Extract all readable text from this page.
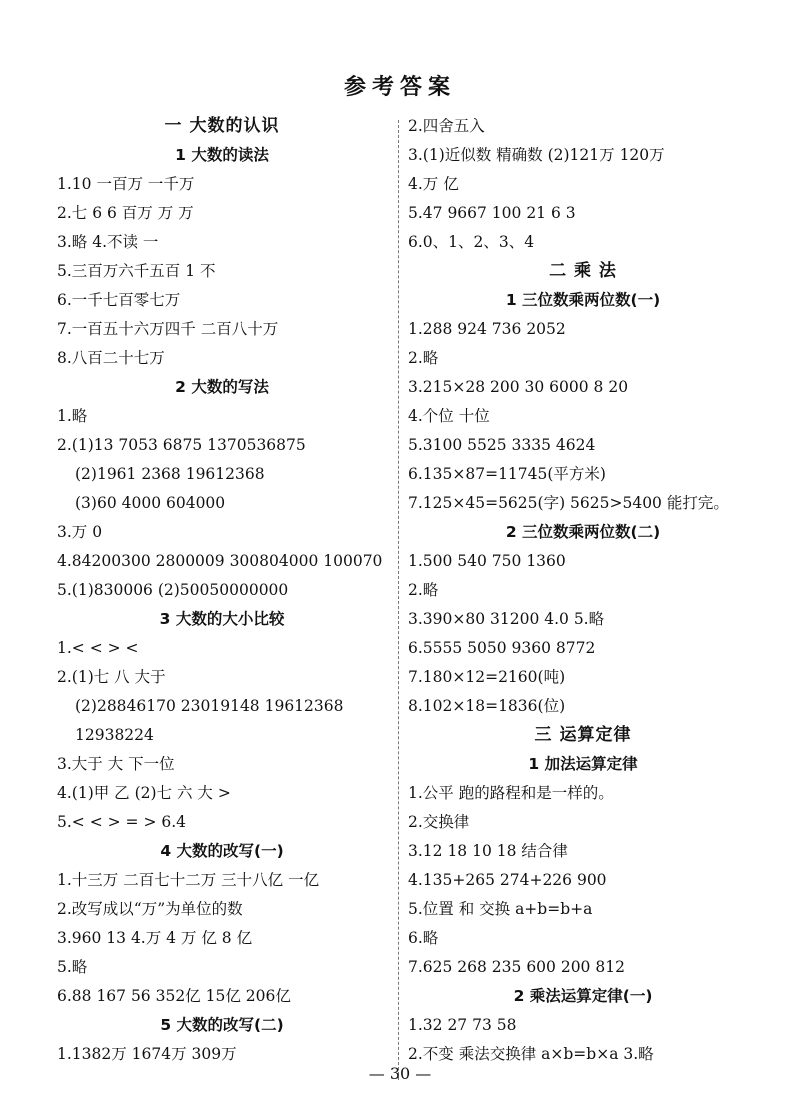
参考答案
一 大数的认识
1 大数的读法
1.10 一百万 一千万
2.七 6 6 百万 万 万
3.略 4.不读 一
5.三百万六千五百 1 不
6.一千七百零七万
7.一百五十六万四千 二百八十万
8.八百二十七万
2 大数的写法
1.略
2.(1)13 7053 6875 1370536875
(2)1961 2368 19612368
(3)60 4000 604000
3.万 0
4.84200300 2800009 300804000 100070
5.(1)830006 (2)50050000000
3 大数的大小比较
1.< < > <
2.(1)七 八 大于
(2)28846170 23019148 19612368
12938224
3.大于 大 下一位
4.(1)甲 乙 (2)七 六 大 >
5.< < > = > 6.4
4 大数的改写(一)
1.十三万 二百七十二万 三十八亿 一亿
2.改写成以“万”为单位的数
3.960 13 4.万 4 万 亿 8 亿
5.略
6.88 167 56 352亿 15亿 206亿
5 大数的改写(二)
1.1382万 1674万 309万
2.四舍五入
3.(1)近似数 精确数 (2)121万 120万
4.万 亿
5.47 9667 100 21 6 3
6.0、1、2、3、4
二 乘 法
1 三位数乘两位数(一)
1.288 924 736 2052
2.略
3.215×28 200 30 6000 8 20
4.个位 十位
5.3100 5525 3335 4624
6.135×87=11745(平方米)
7.125×45=5625(字) 5625>5400 能打完。
2 三位数乘两位数(二)
1.500 540 750 1360
2.略
3.390×80 31200 4.0 5.略
6.5555 5050 9360 8772
7.180×12=2160(吨)
8.102×18=1836(位)
三 运算定律
1 加法运算定律
1.公平 跑的路程和是一样的。
2.交换律
3.12 18 10 18 结合律
4.135+265 274+226 900
5.位置 和 交换 a+b=b+a
6.略
7.625 268 235 600 200 812
2 乘法运算定律(一)
1.32 27 73 58
2.不变 乘法交换律 a×b=b×a 3.略
— 30 —
